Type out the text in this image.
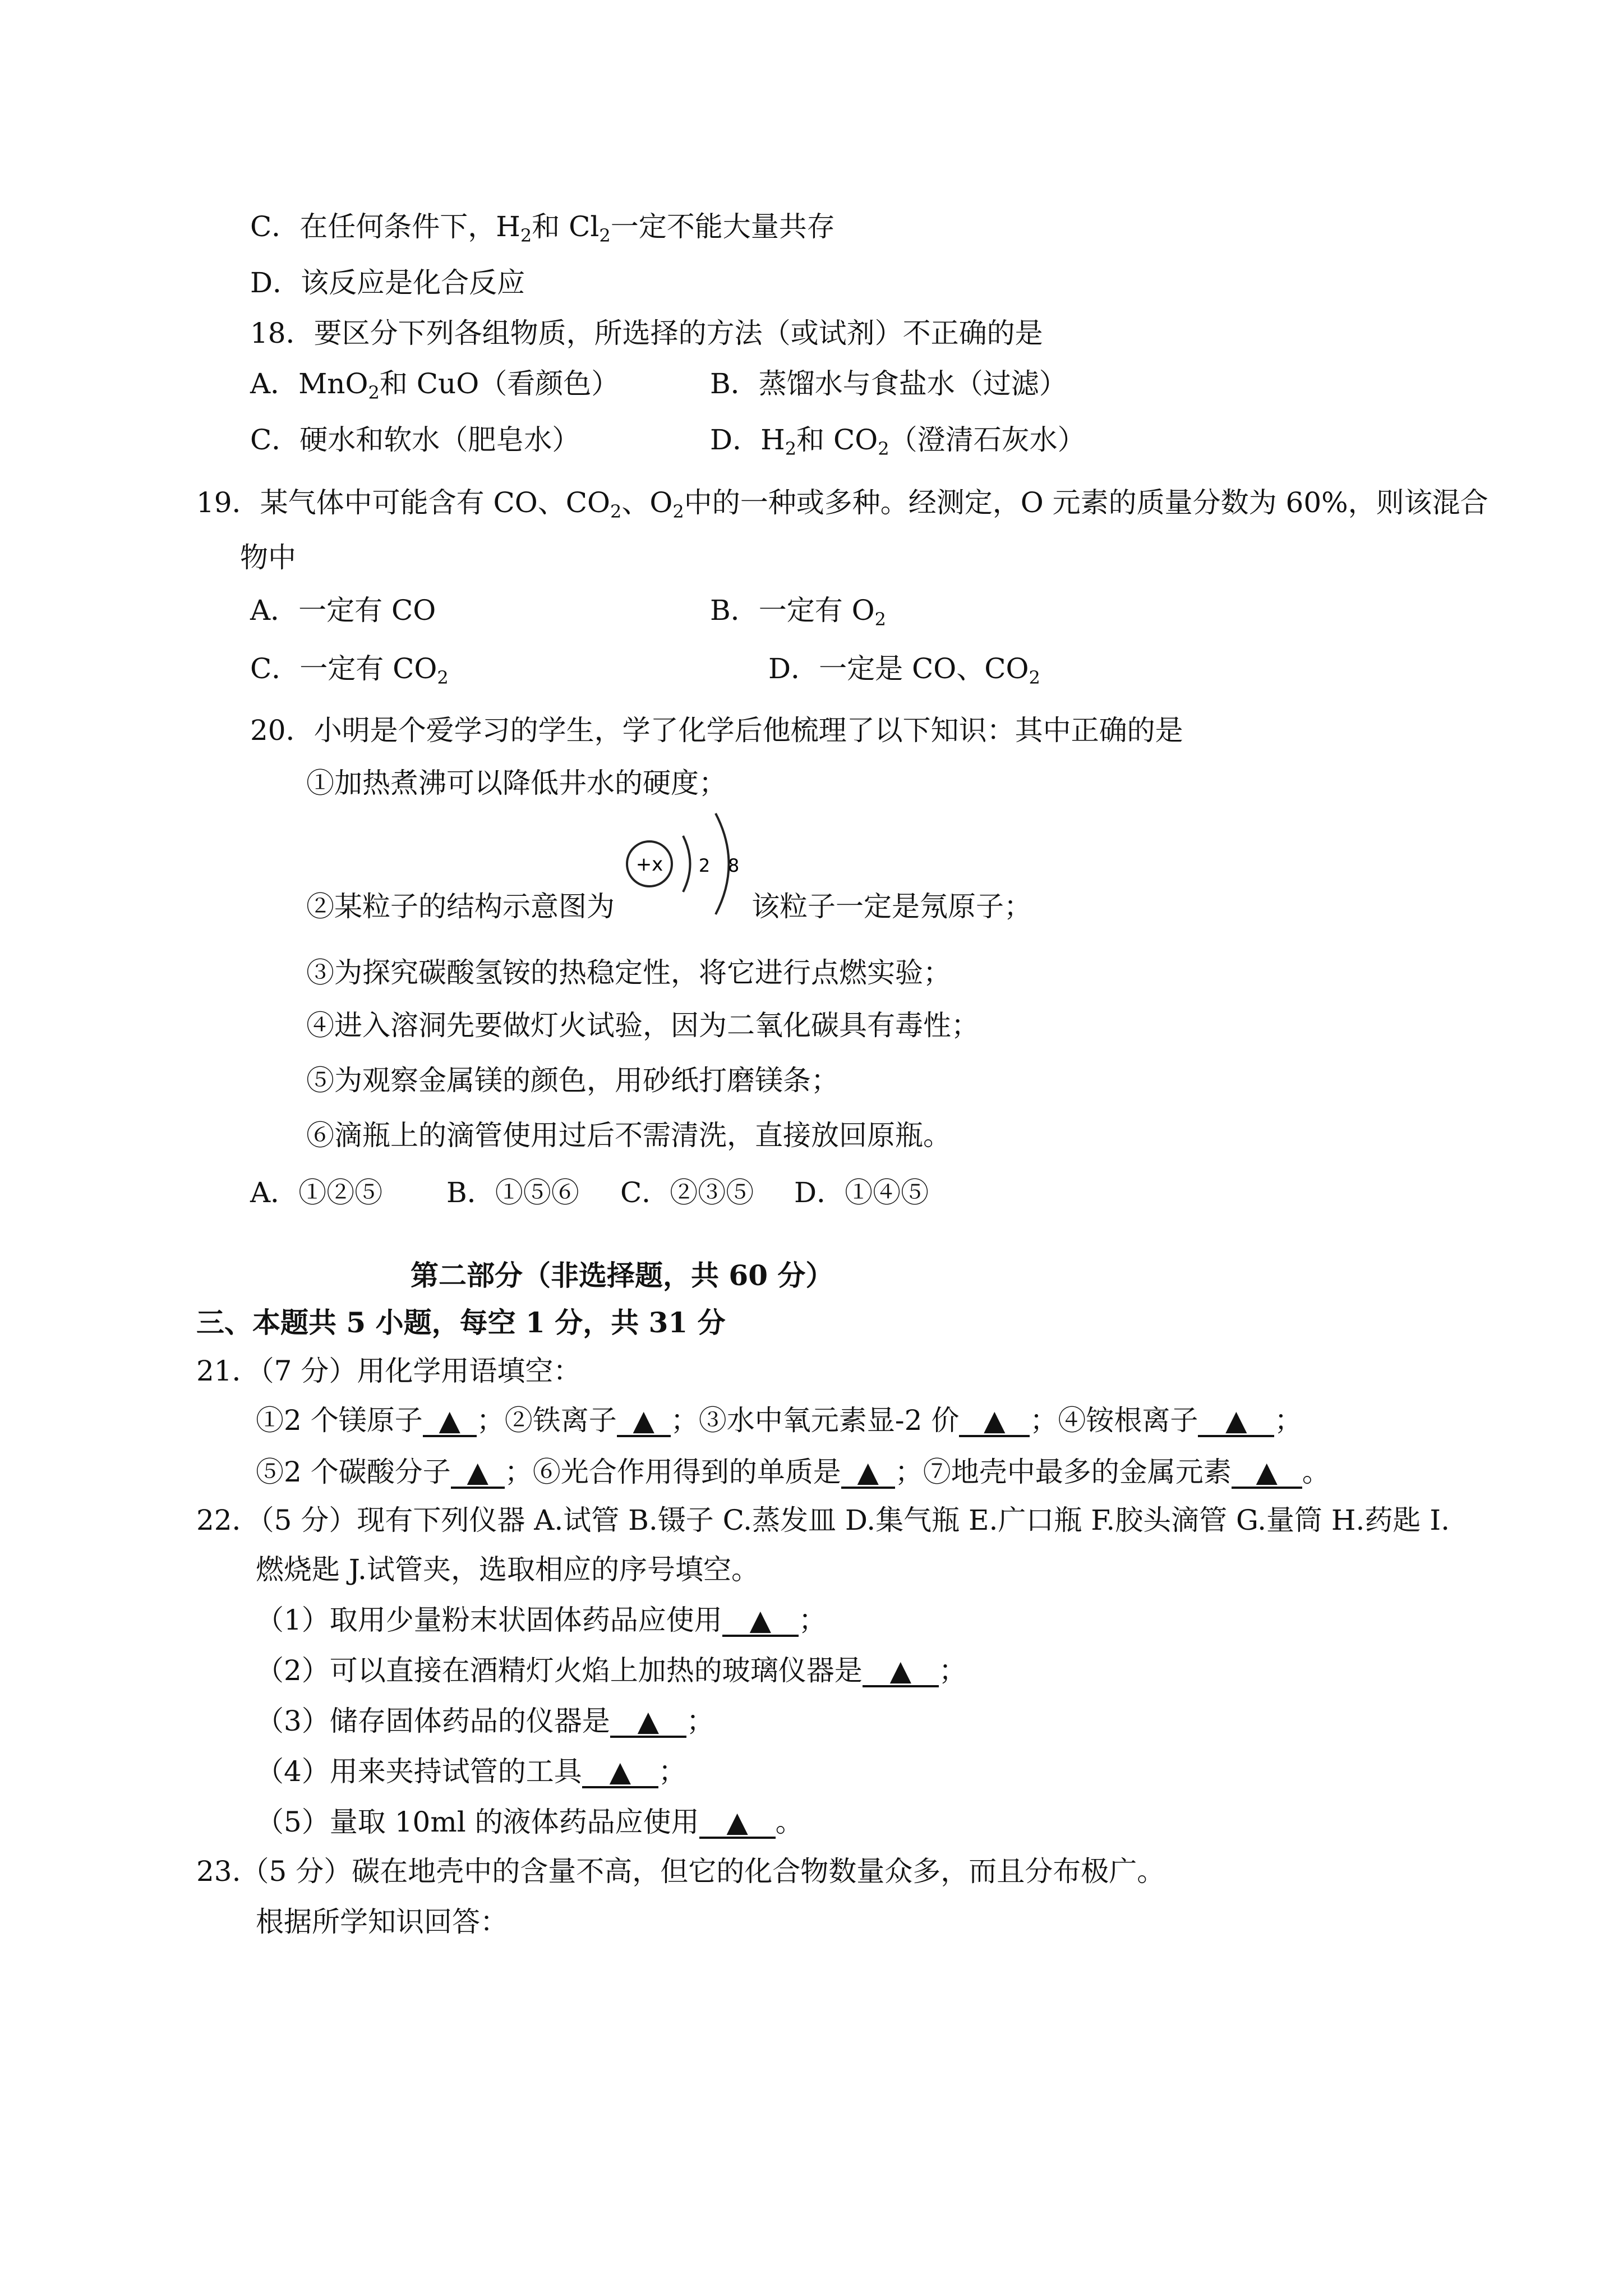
C．在任何条件下，$H_2$和 $Cl_2$一定不能大量共存
D．该反应是化合反应
18．要区分下列各组物质，所选择的方法（或试剂）不正确的是
A．MnO$_2$和 CuO（看颜色）	B．蒸馏水与食盐水（过滤）
C．硬水和软水（肥皂水）	D．$H_2$和 $CO_2$（澄清石灰水）
19．某气体中可能含有 CO、$CO_2$、$O_2$中的一种或多种。经测定，O 元素的质量分数为 60%，则该混合
物中
A．一定有 CO	B．一定有 $O_2$
C．一定有 $CO_2$	D．一定是 CO、$CO_2$
20．小明是个爱学习的学生，学了化学后他梳理了以下知识：其中正确的是
①加热煮沸可以降低井水的硬度；
+x 2 8
②某粒子的结构示意图为	该粒子一定是氖原子；
③为探究碳酸氢铵的热稳定性，将它进行点燃实验；
④进入溶洞先要做灯火试验，因为二氧化碳具有毒性；
⑤为观察金属镁的颜色，用砂纸打磨镁条；
⑥滴瓶上的滴管使用过后不需清洗，直接放回原瓶。
A．①②⑤ B．①⑤⑥ C．②③⑤ D．①④⑤
第二部分（非选择题，共 60 分）
三、本题共 5 小题，每空 1 分，共 31 分
21．（7 分）用化学用语填空：
①2 个镁原子 ▲ ；②铁离子 ▲ ；③水中氧元素显-2 价 ▲ ；④铵根离子 ▲ ；
⑤2 个碳酸分子 ▲ ；⑥光合作用得到的单质是 ▲ ；⑦地壳中最多的金属元素 ▲ 。
22．（5 分）现有下列仪器 A.试管 B.镊子 C.蒸发皿 D.集气瓶 E.广口瓶 F.胶头滴管 G.量筒 H.药匙 I.
燃烧匙 J.试管夹，选取相应的序号填空。
（1）取用少量粉末状固体药品应使用 ▲ ；
（2）可以直接在酒精灯火焰上加热的玻璃仪器是 ▲ ；
（3）储存固体药品的仪器是 ▲ ；
（4）用来夹持试管的工具 ▲ ；
（5）量取 10ml 的液体药品应使用 ▲ 。
23.（5 分）碳在地壳中的含量不高，但它的化合物数量众多，而且分布极广。
根据所学知识回答：
